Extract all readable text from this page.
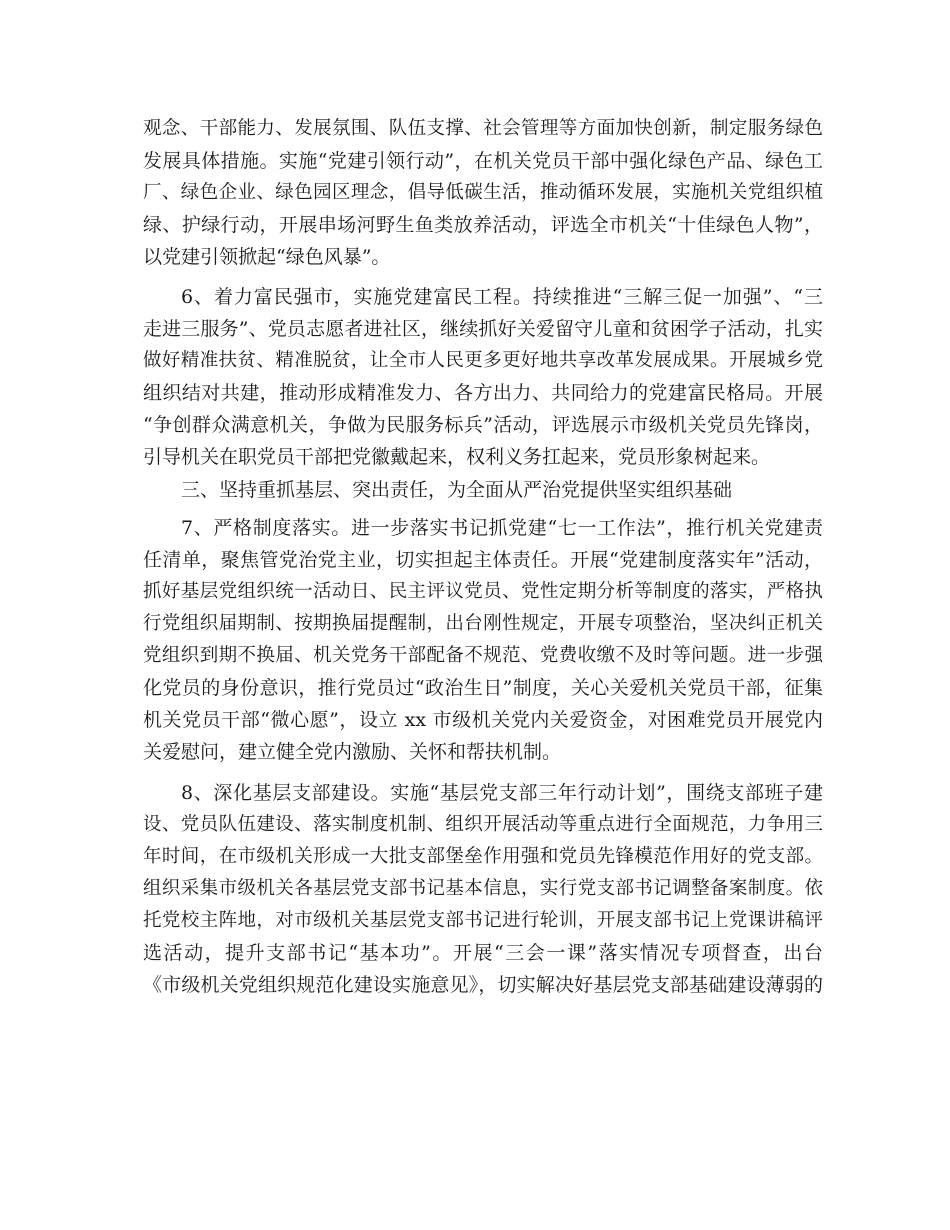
观念、干部能力、发展氛围、队伍支撑、社会管理等方面加快创新，制定服务绿色
发展具体措施。实施“党建引领行动”，在机关党员干部中强化绿色产品、绿色工
厂、绿色企业、绿色园区理念，倡导低碳生活，推动循环发展，实施机关党组织植
绿、护绿行动，开展串场河野生鱼类放养活动，评选全市机关“十佳绿色人物”，
以党建引领掀起“绿色风暴”。
6、着力富民强市，实施党建富民工程。持续推进“三解三促一加强”、“三
走进三服务”、党员志愿者进社区，继续抓好关爱留守儿童和贫困学子活动，扎实
做好精准扶贫、精准脱贫，让全市人民更多更好地共享改革发展成果。开展城乡党
组织结对共建，推动形成精准发力、各方出力、共同给力的党建富民格局。开展
“争创群众满意机关，争做为民服务标兵”活动，评选展示市级机关党员先锋岗，
引导机关在职党员干部把党徽戴起来，权利义务扛起来，党员形象树起来。
三、坚持重抓基层、突出责任，为全面从严治党提供坚实组织基础
7、严格制度落实。进一步落实书记抓党建“七一工作法”，推行机关党建责
任清单，聚焦管党治党主业，切实担起主体责任。开展“党建制度落实年”活动，
抓好基层党组织统一活动日、民主评议党员、党性定期分析等制度的落实，严格执
行党组织届期制、按期换届提醒制，出台刚性规定，开展专项整治，坚决纠正机关
党组织到期不换届、机关党务干部配备不规范、党费收缴不及时等问题。进一步强
化党员的身份意识，推行党员过“政治生日”制度，关心关爱机关党员干部，征集
机关党员干部“微心愿”，设立 xx 市级机关党内关爱资金，对困难党员开展党内
关爱慰问，建立健全党内激励、关怀和帮扶机制。
8、深化基层支部建设。实施“基层党支部三年行动计划”，围绕支部班子建
设、党员队伍建设、落实制度机制、组织开展活动等重点进行全面规范，力争用三
年时间，在市级机关形成一大批支部堡垒作用强和党员先锋模范作用好的党支部。
组织采集市级机关各基层党支部书记基本信息，实行党支部书记调整备案制度。依
托党校主阵地，对市级机关基层党支部书记进行轮训，开展支部书记上党课讲稿评
选活动，提升支部书记“基本功”。开展“三会一课”落实情况专项督查，出台
《市级机关党组织规范化建设实施意见》，切实解决好基层党支部基础建设薄弱的
